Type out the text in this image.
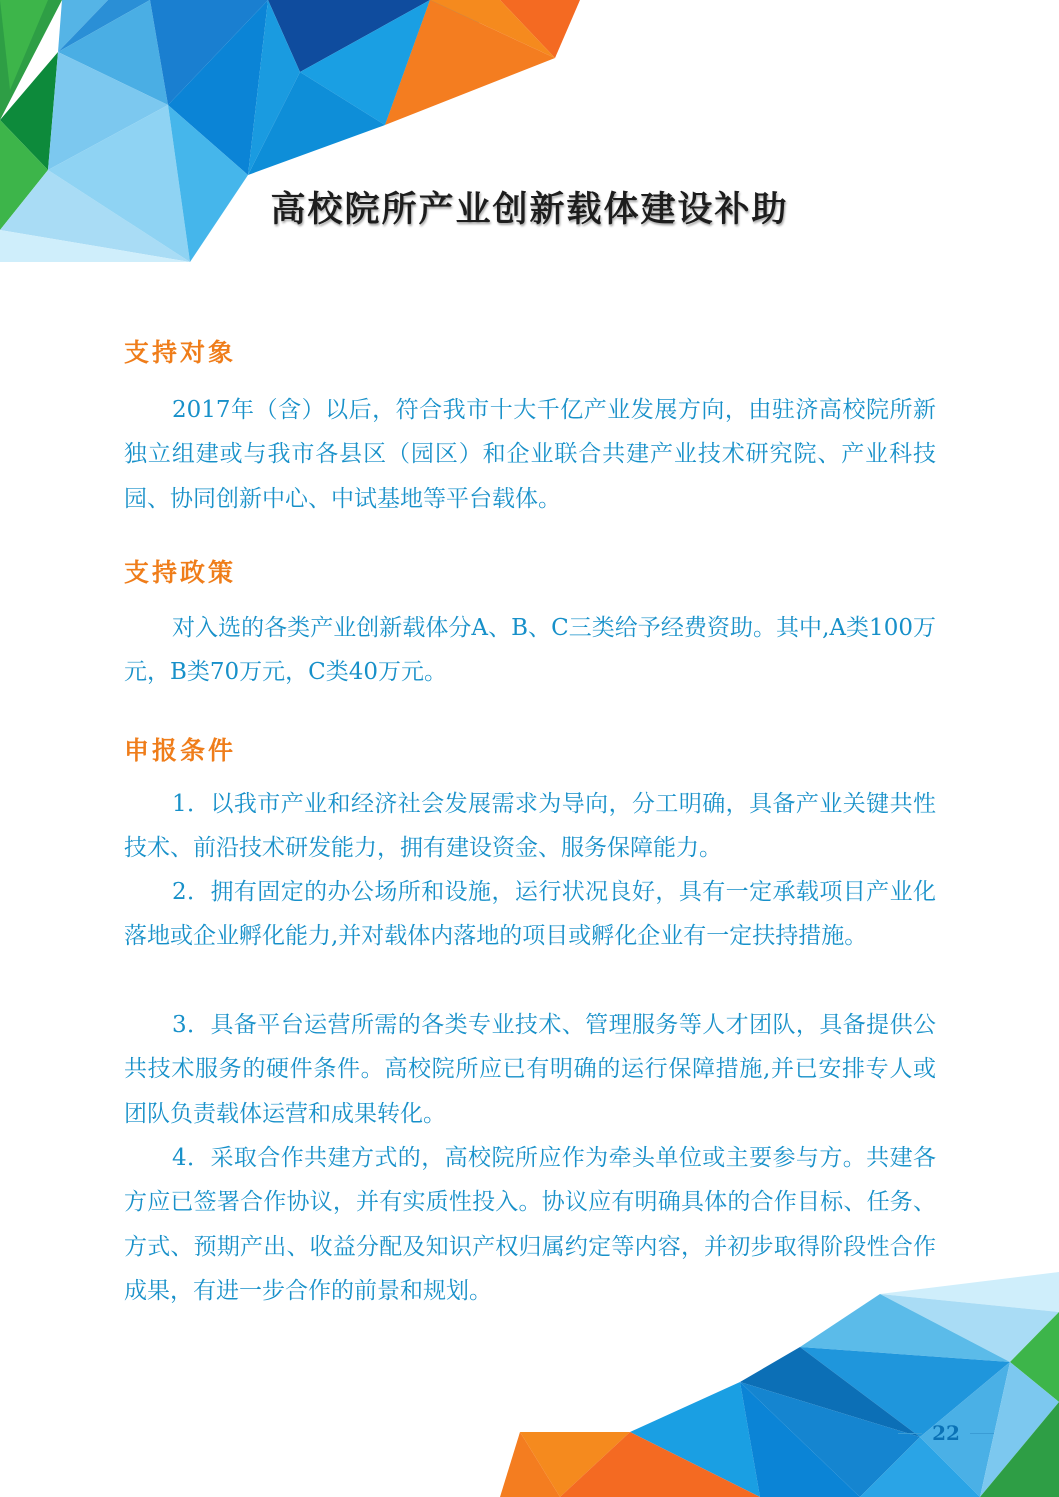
高校院所产业创新载体建设补助
支持对象

2017年（含）以后，符合我市十大千亿产业发展方向，由驻济高校院所新独立组建或与我市各县区（园区）和企业联合共建产业技术研究院、产业科技园、协同创新中心、中试基地等平台载体。

支持政策

对入选的各类产业创新载体分A、B、C三类给予经费资助。其中,A类100万元，B类70万元，C类40万元。

申报条件

1．以我市产业和经济社会发展需求为导向，分工明确，具备产业关键共性技术、前沿技术研发能力，拥有建设资金、服务保障能力。

2．拥有固定的办公场所和设施，运行状况良好，具有一定承载项目产业化落地或企业孵化能力,并对载体内落地的项目或孵化企业有一定扶持措施。

3．具备平台运营所需的各类专业技术、管理服务等人才团队，具备提供公共技术服务的硬件条件。高校院所应已有明确的运行保障措施,并已安排专人或团队负责载体运营和成果转化。

4．采取合作共建方式的，高校院所应作为牵头单位或主要参与方。共建各方应已签署合作协议，并有实质性投入。协议应有明确具体的合作目标、任务、方式、预期产出、收益分配及知识产权归属约定等内容，并初步取得阶段性合作成果，有进一步合作的前景和规划。

22
